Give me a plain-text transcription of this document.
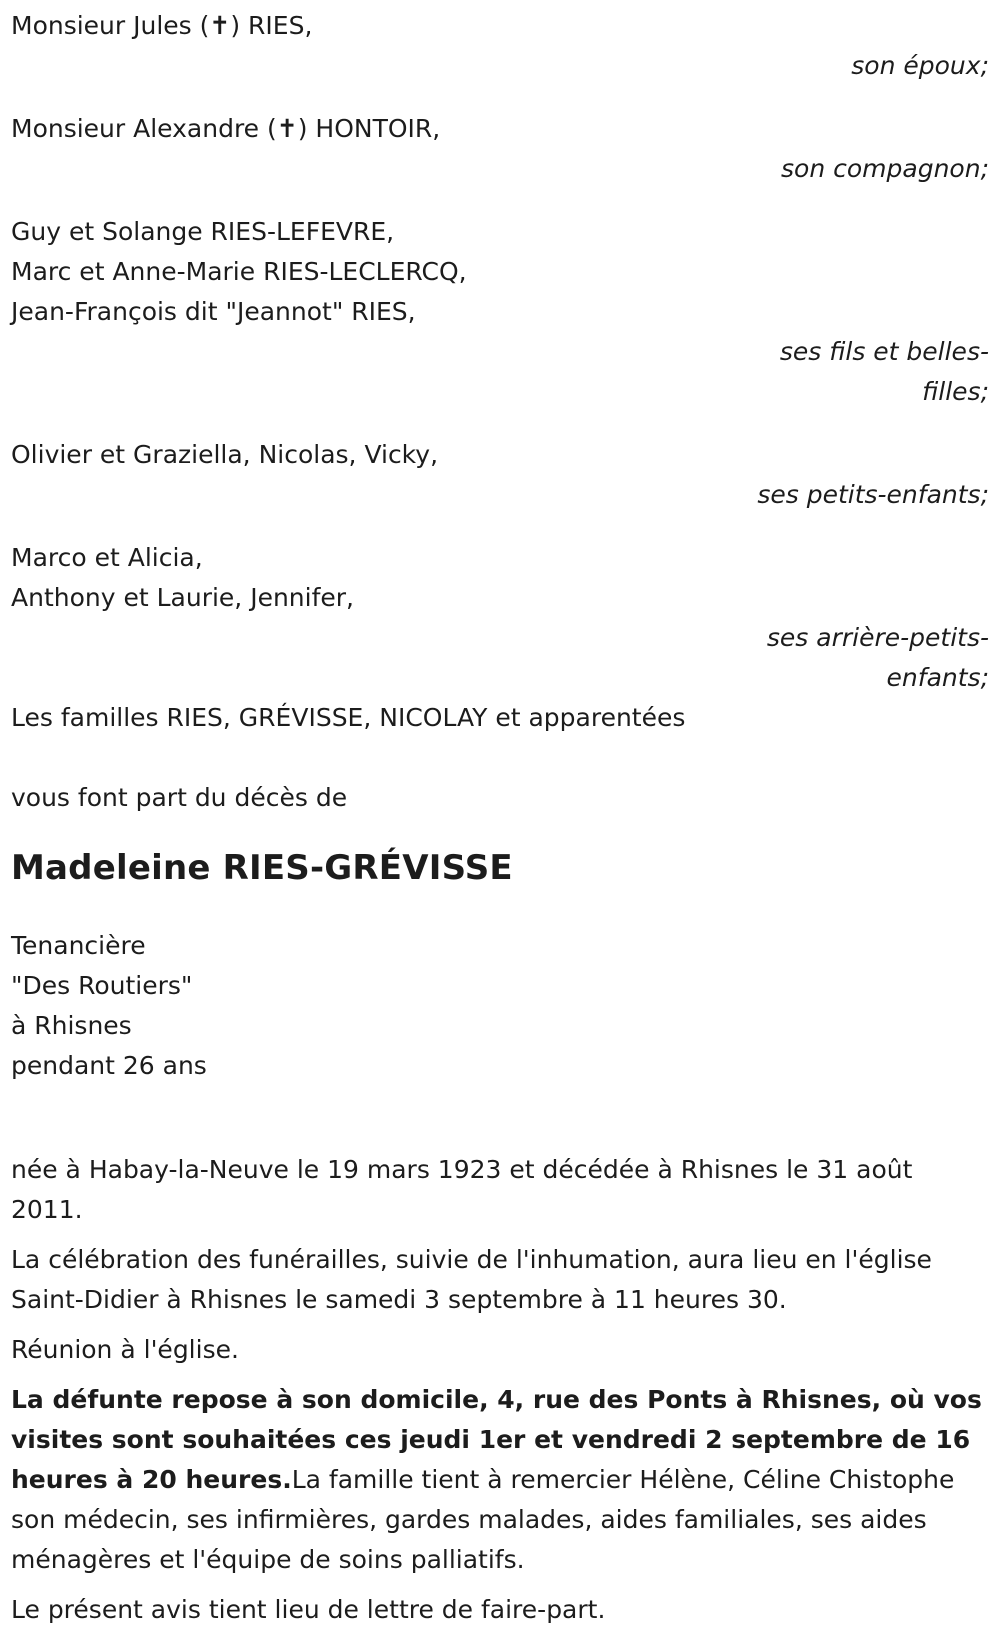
Monsieur Jules (✝) RIES,
son époux;
Monsieur Alexandre (✝) HONTOIR,
son compagnon;
Guy et Solange RIES-LEFEVRE,
Marc et Anne-Marie RIES-LECLERCQ,
Jean-François dit "Jeannot" RIES,
ses fils et belles-
filles;
Olivier et Graziella, Nicolas, Vicky,
ses petits-enfants;
Marco et Alicia,
Anthony et Laurie, Jennifer,
ses arrière-petits-
enfants;
Les familles RIES, GRÉVISSE, NICOLAY et apparentées
vous font part du décès de
Madeleine RIES-GRÉVISSE
Tenancière
"Des Routiers"
à Rhisnes
pendant 26 ans

née à Habay-la-Neuve le 19 mars 1923 et décédée à Rhisnes le 31 août 2011.

La célébration des funérailles, suivie de l'inhumation, aura lieu en l'église Saint-Didier à Rhisnes le samedi 3 septembre à 11 heures 30.

Réunion à l'église.

La défunte repose à son domicile, 4, rue des Ponts à Rhisnes, où vos visites sont souhaitées ces jeudi 1er et vendredi 2 septembre de 16 heures à 20 heures.La famille tient à remercier Hélène, Céline Chistophe son médecin, ses infirmières, gardes malades, aides familiales, ses aides ménagères et l'équipe de soins palliatifs.

Le présent avis tient lieu de lettre de faire-part.
